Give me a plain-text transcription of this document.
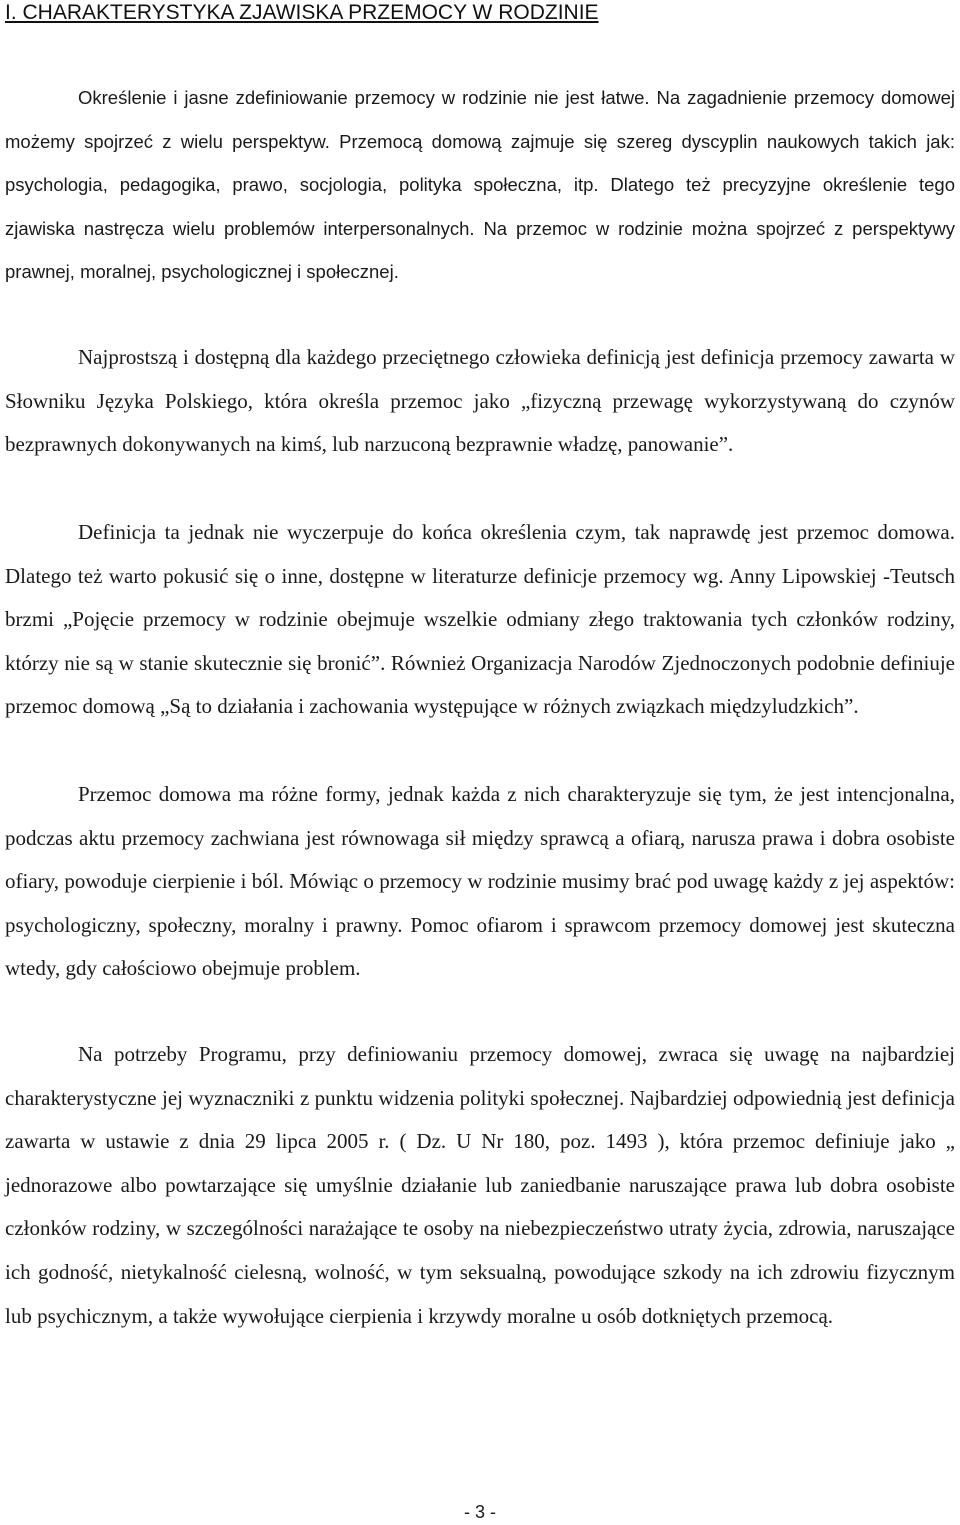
I. CHARAKTERYSTYKA ZJAWISKA PRZEMOCY W RODZINIE

Określenie i jasne zdefiniowanie przemocy w rodzinie nie jest łatwe. Na zagadnienie przemocy domowej możemy spojrzeć z wielu perspektyw. Przemocą domową zajmuje się szereg dyscyplin naukowych takich jak: psychologia, pedagogika, prawo, socjologia, polityka społeczna, itp. Dlatego też precyzyjne określenie tego zjawiska nastręcza wielu problemów interpersonalnych. Na przemoc w rodzinie można spojrzeć z perspektywy prawnej, moralnej, psychologicznej i społecznej.

Najprostszą i dostępną dla każdego przeciętnego człowieka definicją jest definicja przemocy zawarta w Słowniku Języka Polskiego, która określa przemoc jako „fizyczną przewagę wykorzystywaną do czynów bezprawnych dokonywanych na kimś, lub narzuconą bezprawnie władzę, panowanie”.

Definicja ta jednak nie wyczerpuje do końca określenia czym, tak naprawdę jest przemoc domowa. Dlatego też warto pokusić się o inne, dostępne w literaturze definicje przemocy wg. Anny Lipowskiej -Teutsch brzmi „Pojęcie przemocy w rodzinie obejmuje wszelkie odmiany złego traktowania tych członków rodziny, którzy nie są w stanie skutecznie się bronić”. Również Organizacja Narodów Zjednoczonych podobnie definiuje przemoc domową „Są to działania i zachowania występujące w różnych związkach międzyludzkich”.

Przemoc domowa ma różne formy, jednak każda z nich charakteryzuje się tym, że jest intencjonalna, podczas aktu przemocy zachwiana jest równowaga sił między sprawcą a ofiarą, narusza prawa i dobra osobiste ofiary, powoduje cierpienie i ból. Mówiąc o przemocy w rodzinie musimy brać pod uwagę każdy z jej aspektów: psychologiczny, społeczny, moralny i prawny. Pomoc ofiarom i sprawcom przemocy domowej jest skuteczna wtedy, gdy całościowo obejmuje problem.

Na potrzeby Programu, przy definiowaniu przemocy domowej, zwraca się uwagę na najbardziej charakterystyczne jej wyznaczniki z punktu widzenia polityki społecznej. Najbardziej odpowiednią jest definicja zawarta w ustawie z dnia 29 lipca 2005 r. ( Dz. U Nr 180, poz. 1493 ), która przemoc definiuje jako „ jednorazowe albo powtarzające się umyślnie działanie lub zaniedbanie naruszające prawa lub dobra osobiste członków rodziny, w szczególności narażające te osoby na niebezpieczeństwo utraty życia, zdrowia, naruszające ich godność, nietykalność cielesną, wolność, w tym seksualną, powodujące szkody na ich zdrowiu fizycznym lub psychicznym, a także wywołujące cierpienia i krzywdy moralne u osób dotkniętych przemocą.

- 3 -
